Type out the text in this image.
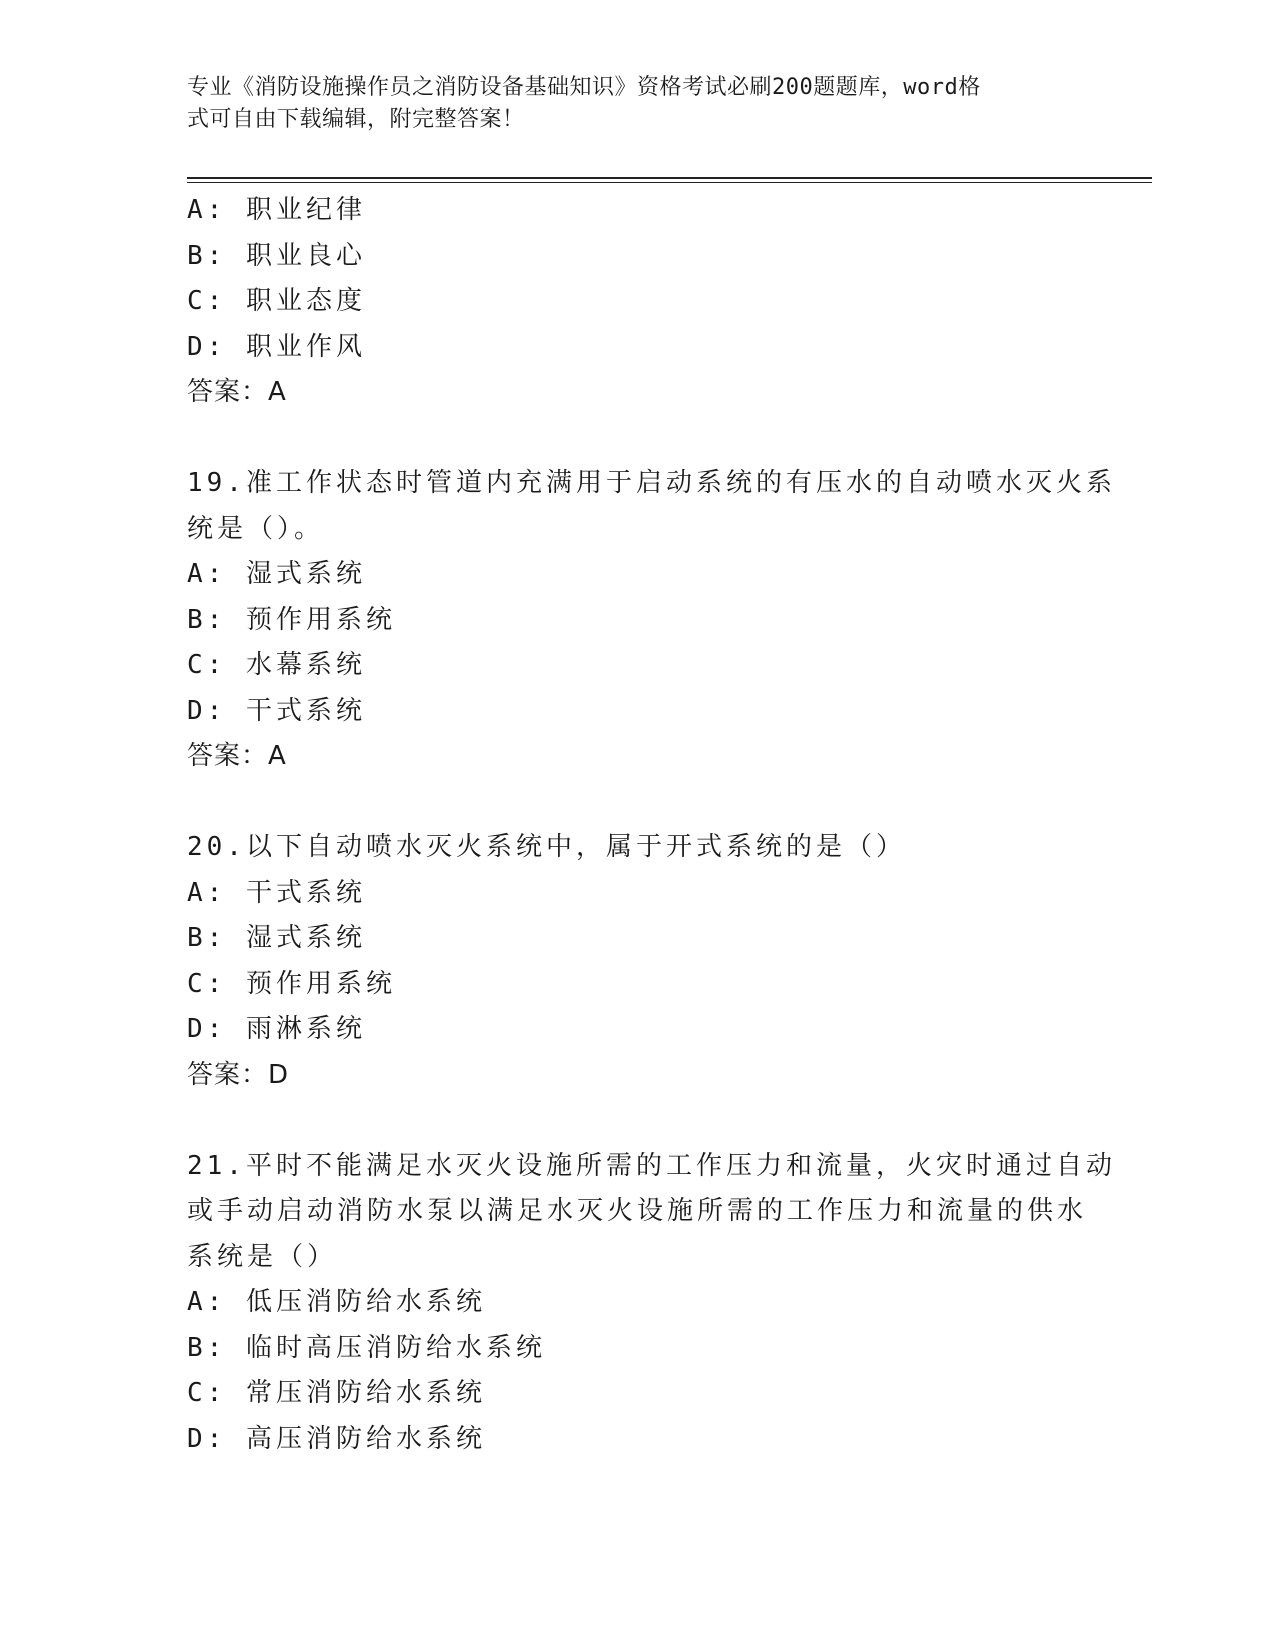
专业《消防设施操作员之消防设备基础知识》资格考试必刷200题题库，word格
式可自由下载编辑，附完整答案！
A: 职业纪律
B: 职业良心
C: 职业态度
D: 职业作风
答案：A
19.准工作状态时管道内充满用于启动系统的有压水的自动喷水灭火系
统是（）。
A: 湿式系统
B: 预作用系统
C: 水幕系统
D: 干式系统
答案：A
20.以下自动喷水灭火系统中，属于开式系统的是（）
A: 干式系统
B: 湿式系统
C: 预作用系统
D: 雨淋系统
答案：D
21.平时不能满足水灭火设施所需的工作压力和流量，火灾时通过自动
或手动启动消防水泵以满足水灭火设施所需的工作压力和流量的供水
系统是（）
A: 低压消防给水系统
B: 临时高压消防给水系统
C: 常压消防给水系统
D: 高压消防给水系统
